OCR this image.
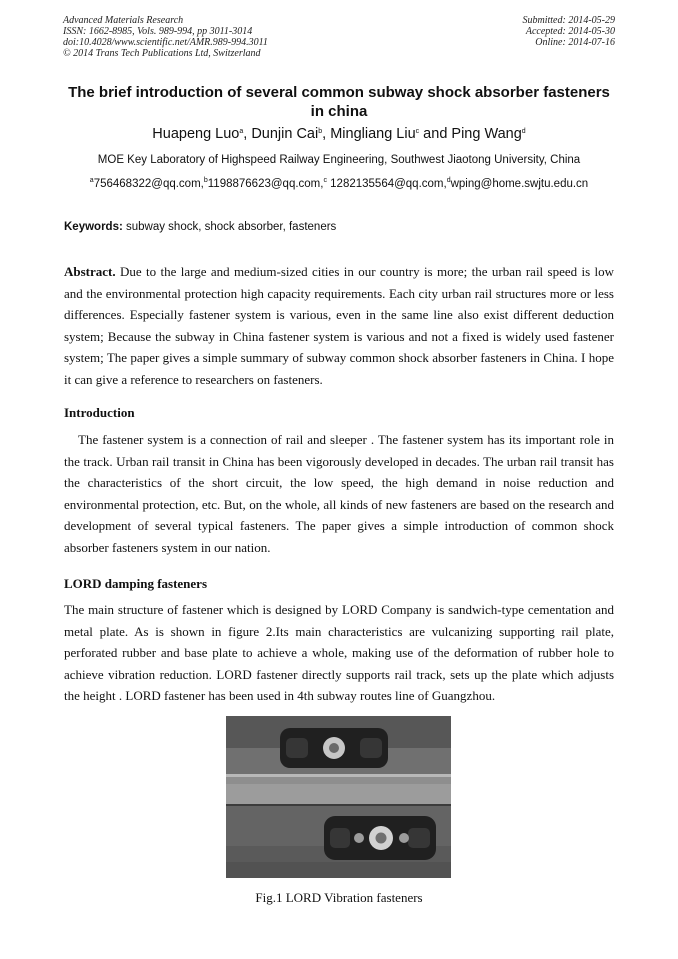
Advanced Materials Research
ISSN: 1662-8985, Vols. 989-994, pp 3011-3014
doi:10.4028/www.scientific.net/AMR.989-994.3011
© 2014 Trans Tech Publications Ltd, Switzerland
Submitted: 2014-05-29
Accepted: 2014-05-30
Online: 2014-07-16
The brief introduction of several common subway shock absorber fasteners in china
Huapeng Luo$^a$, Dunjin Cai$^b$, Mingliang Liu$^c$ and Ping Wang$^d$
MOE Key Laboratory of Highspeed Railway Engineering, Southwest Jiaotong University, China
$^a$756468322@qq.com,$^b$1198876623@qq.com,$^c$ 1282135564@qq.com,$^d$wping@home.swjtu.edu.cn
Keywords: subway shock, shock absorber, fasteners

Abstract. Due to the large and medium-sized cities in our country is more; the urban rail speed is low and the environmental protection high capacity requirements. Each city urban rail structures more or less differences. Especially fastener system is various, even in the same line also exist different deduction system; Because the subway in China fastener system is various and not a fixed is widely used fastener system; The paper gives a simple summary of subway common shock absorber fasteners in China. I hope it can give a reference to researchers on fasteners.

Introduction

The fastener system is a connection of rail and sleeper . The fastener system has its important role in the track. Urban rail transit in China has been vigorously developed in decades. The urban rail transit has the characteristics of the short circuit, the low speed, the high demand in noise reduction and environmental protection, etc. But, on the whole, all kinds of new fasteners are based on the research and development of several typical fasteners. The paper gives a simple introduction of common shock absorber fasteners system in our nation.

LORD damping fasteners

The main structure of fastener which is designed by LORD Company is sandwich-type cementation and metal plate. As is shown in figure 2.Its main characteristics are vulcanizing supporting rail plate, perforated rubber and base plate to achieve a whole, making use of the deformation of rubber hole to achieve vibration reduction. LORD fastener directly supports rail track, sets up the plate which adjusts the height . LORD fastener has been used in 4th subway routes line of Guangzhou.

Fig.1 LORD Vibration fasteners
